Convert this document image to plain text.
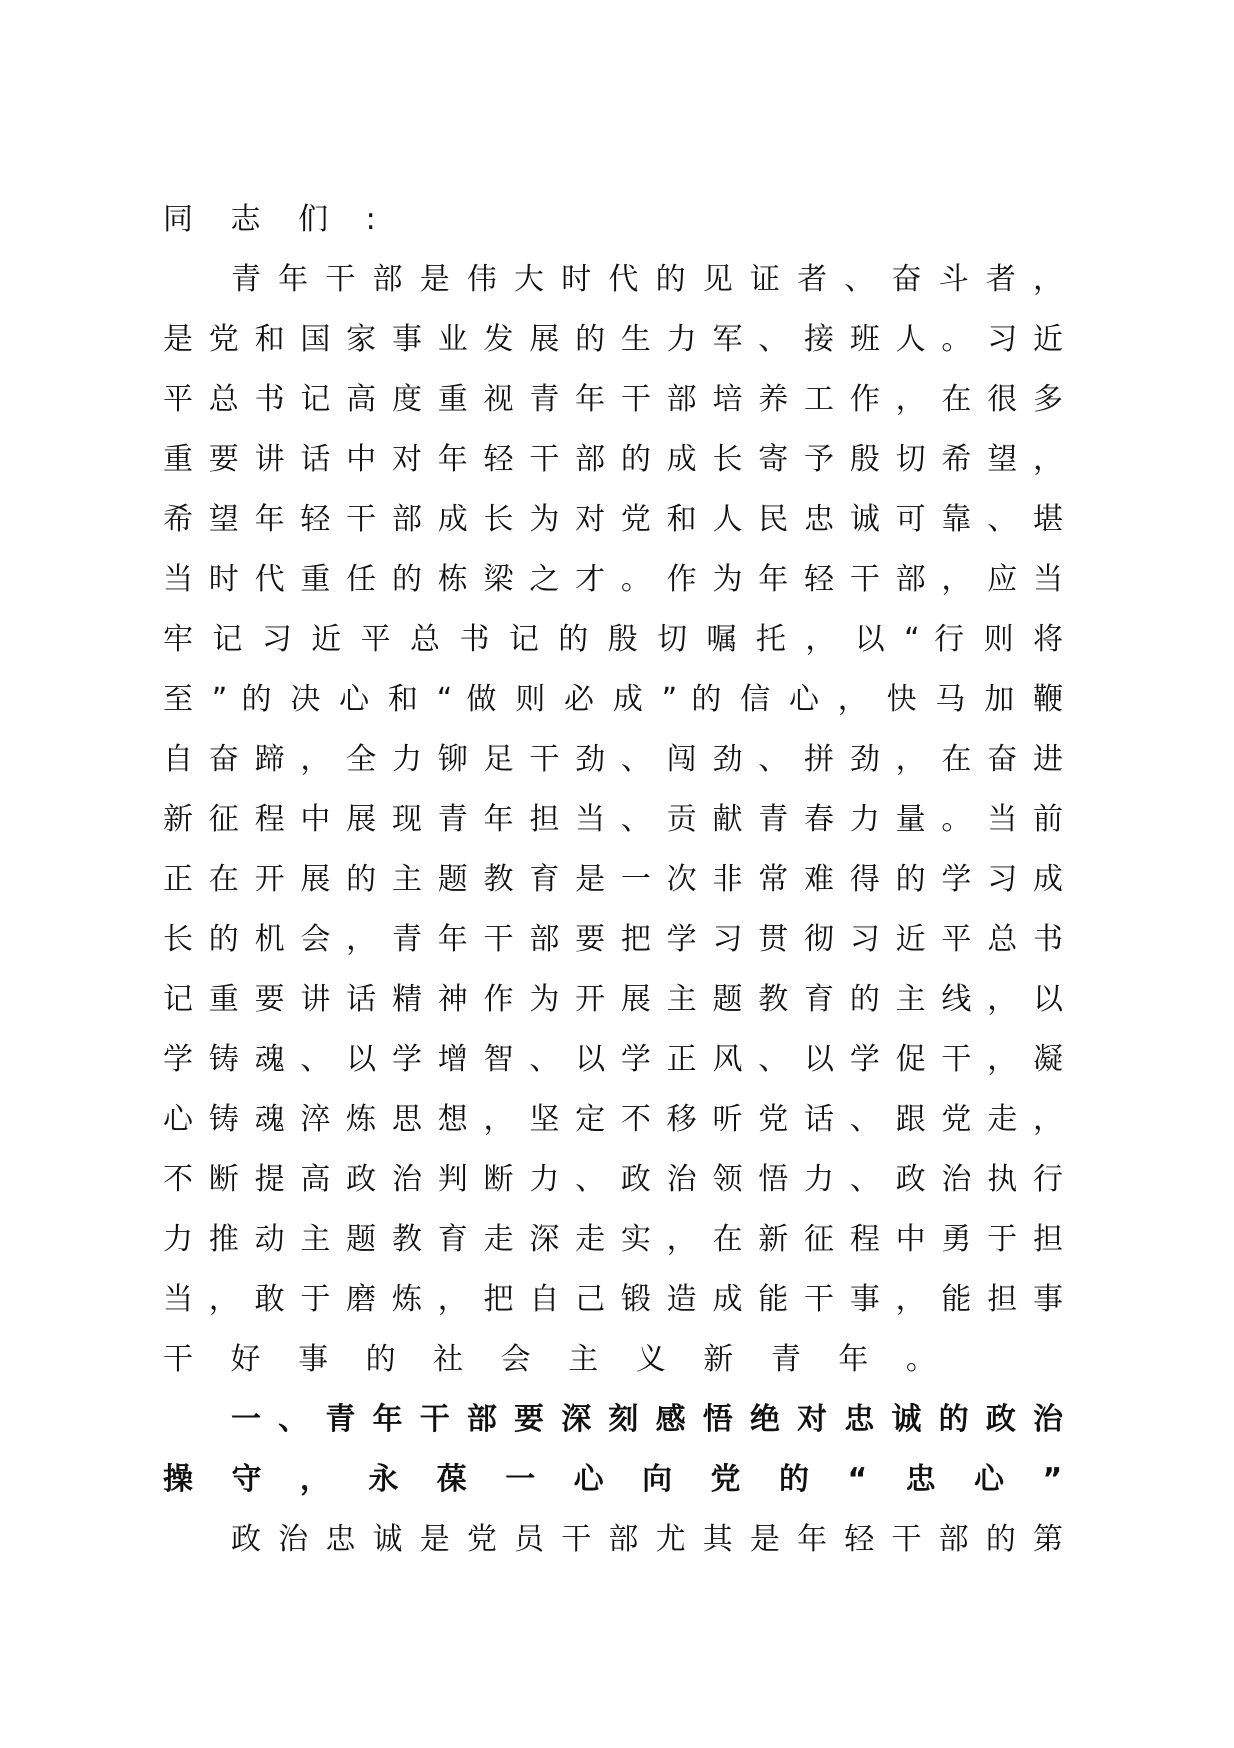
同 志 们 :
青 年 干 部 是 伟 大 时 代 的 见 证 者 、 奋 斗 者 ，
是 党 和 国 家 事 业 发 展 的 生 力 军 、 接 班 人 。 习 近
平 总 书 记 高 度 重 视 青 年 干 部 培 养 工 作 ， 在 很 多
重 要 讲 话 中 对 年 轻 干 部 的 成 长 寄 予 殷 切 希 望 ，
希 望 年 轻 干 部 成 长 为 对 党 和 人 民 忠 诚 可 靠 、 堪
当 时 代 重 任 的 栋 梁 之 才 。 作 为 年 轻 干 部 ， 应 当
牢 记 习 近 平 总 书 记 的 殷 切 嘱 托 ， 以 “ 行 则 将
至 ” 的 决 心 和 “ 做 则 必 成 ” 的 信 心 ， 快 马 加 鞭
自 奋 蹄 ， 全 力 铆 足 干 劲 、 闯 劲 、 拼 劲 ， 在 奋 进
新 征 程 中 展 现 青 年 担 当 、 贡 献 青 春 力 量 。 当 前
正 在 开 展 的 主 题 教 育 是 一 次 非 常 难 得 的 学 习 成
长 的 机 会 ， 青 年 干 部 要 把 学 习 贯 彻 习 近 平 总 书
记 重 要 讲 话 精 神 作 为 开 展 主 题 教 育 的 主 线 ， 以
学 铸 魂 、 以 学 增 智 、 以 学 正 风 、 以 学 促 干 ， 凝
心 铸 魂 淬 炼 思 想 ， 坚 定 不 移 听 党 话 、 跟 党 走 ，
不 断 提 高 政 治 判 断 力 、 政 治 领 悟 力 、 政 治 执 行
力 推 动 主 题 教 育 走 深 走 实 ， 在 新 征 程 中 勇 于 担
当 ， 敢 于 磨 炼 ， 把 自 己 锻 造 成 能 干 事 ， 能 担 事
干 好 事 的 社 会 主 义 新 青 年 。
一 、 青 年 干 部 要 深 刻 感 悟 绝 对 忠 诚 的 政 治
操 守 ， 永 葆 一 心 向 党 的 “ 忠 心 ”
政 治 忠 诚 是 党 员 干 部 尤 其 是 年 轻 干 部 的 第
